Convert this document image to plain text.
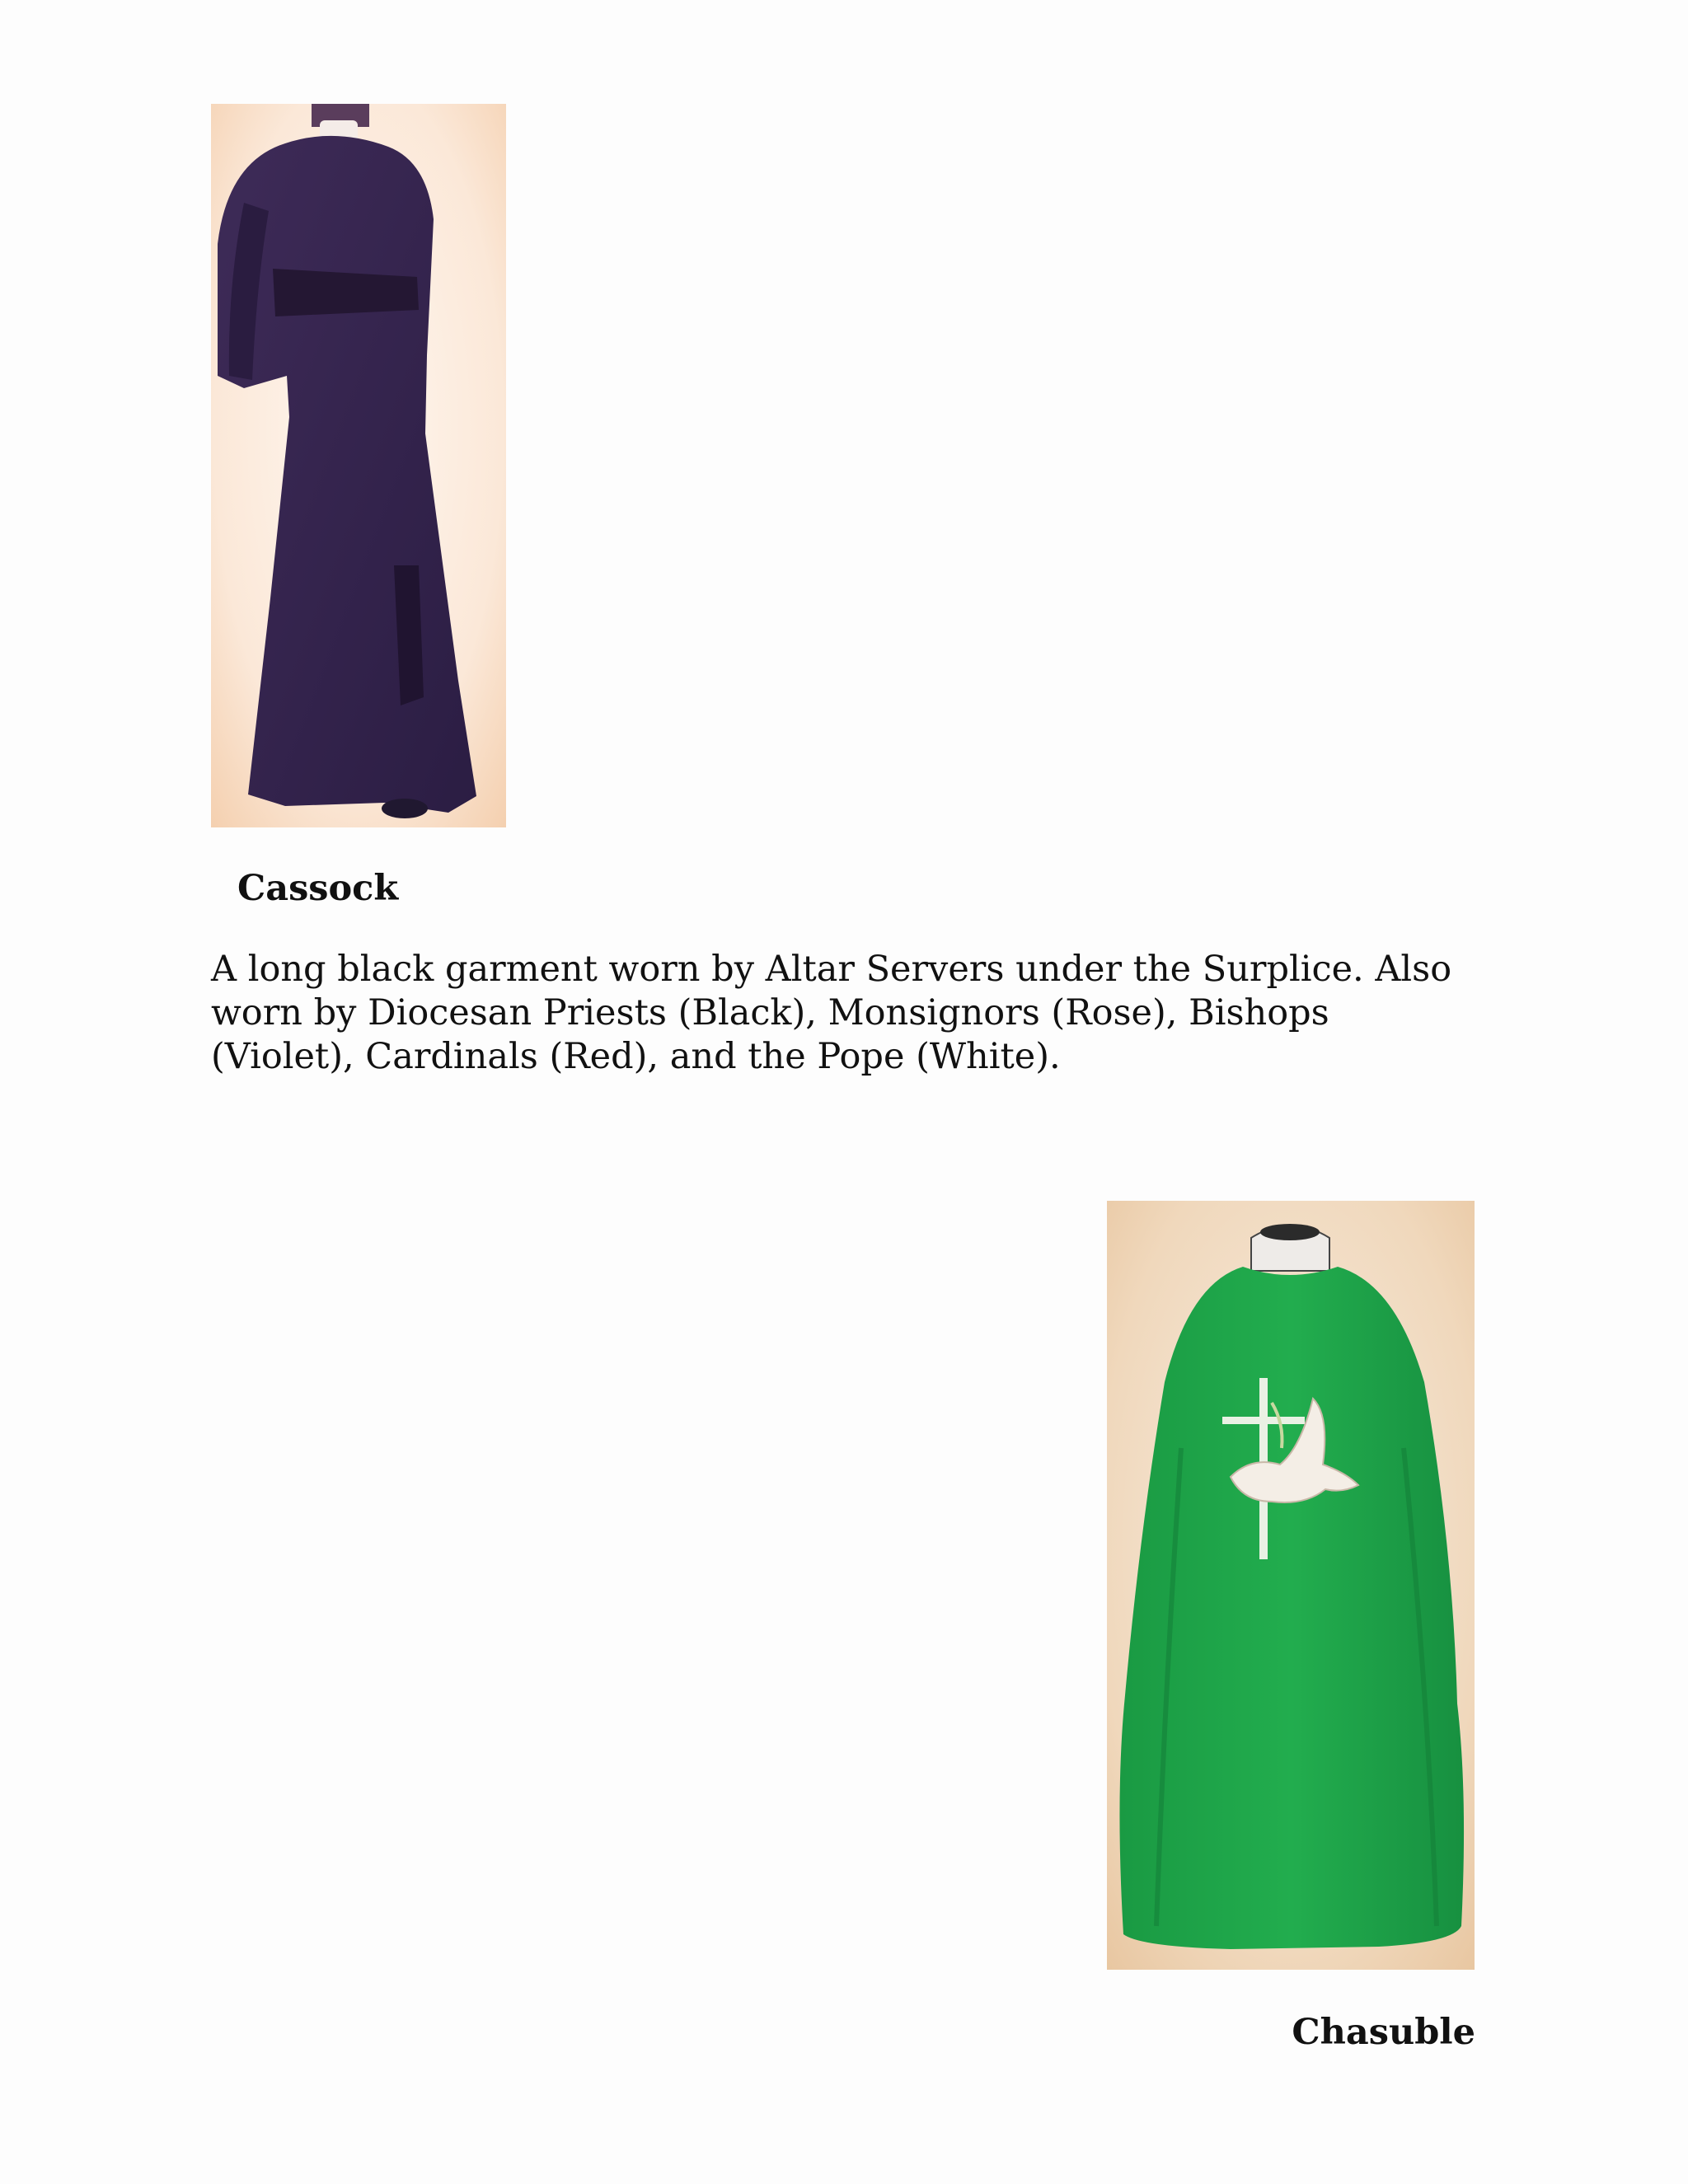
Cassock

A long black garment worn by Altar Servers under the Surplice. Also
worn by Diocesan Priests (Black), Monsignors (Rose), Bishops
(Violet), Cardinals (Red), and the Pope (White).

Chasuble
